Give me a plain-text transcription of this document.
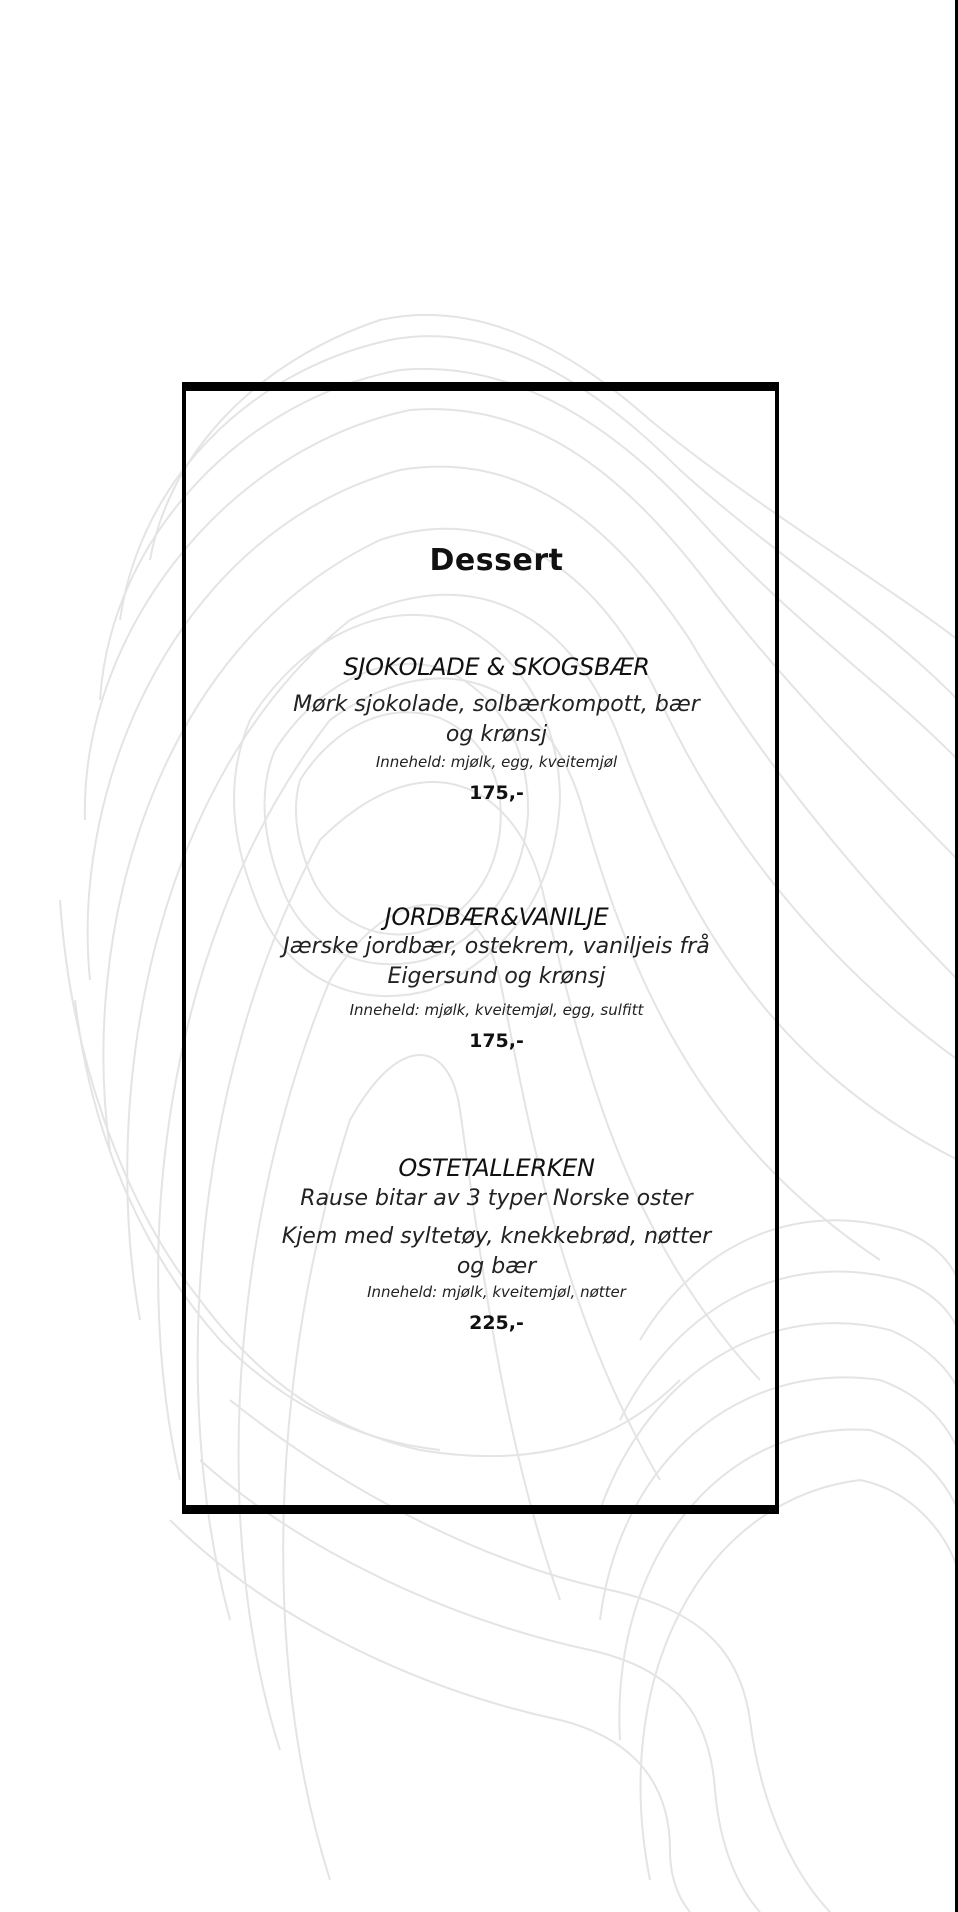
Dessert
SJOKOLADE & SKOGSBÆR
Mørk sjokolade, solbærkompott, bær og krønsj
Inneheld: mjølk, egg, kveitemjøl
175,-
JORDBÆR&VANILJE
Jærske jordbær, ostekrem, vaniljeis frå Eigersund og krønsj
Inneheld: mjølk, kveitemjøl, egg, sulfitt
175,-
OSTETALLERKEN
Rause bitar av 3 typer Norske oster
Kjem med syltetøy, knekkebrød, nøtter og bær
Inneheld: mjølk, kveitemjøl, nøtter
225,-
